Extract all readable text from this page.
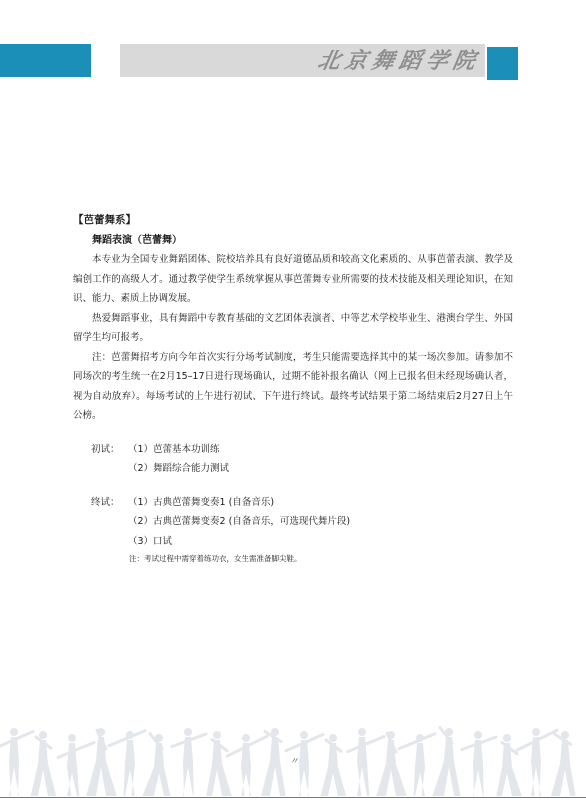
北京舞蹈学院
【芭蕾舞系】
舞蹈表演（芭蕾舞）
本专业为全国专业舞蹈团体、院校培养具有良好道德品质和较高文化素质的、从事芭蕾表演、教学及编创工作的高级人才。通过教学使学生系统掌握从事芭蕾舞专业所需要的技术技能及相关理论知识，在知识、能力、素质上协调发展。
热爱舞蹈事业，具有舞蹈中专教育基础的文艺团体表演者、中等艺术学校毕业生、港澳台学生、外国留学生均可报考。
注：芭蕾舞招考方向今年首次实行分场考试制度，考生只能需要选择其中的某一场次参加。请参加不同场次的考生统一在2月15–17日进行现场确认，过期不能补报名确认（网上已报名但未经现场确认者，视为自动放弃）。每场考试的上午进行初试、下午进行终试。最终考试结果于第二场结束后2月27日上午公榜。
初试： （1）芭蕾基本功训练
（2）舞蹈综合能力测试
终试： （1）古典芭蕾舞变奏1 (自备音乐)
（2）古典芭蕾舞变奏2 (自备音乐，可选现代舞片段)
（3）口试
注：考试过程中需穿着练功衣，女生需准备脚尖鞋。
〃
